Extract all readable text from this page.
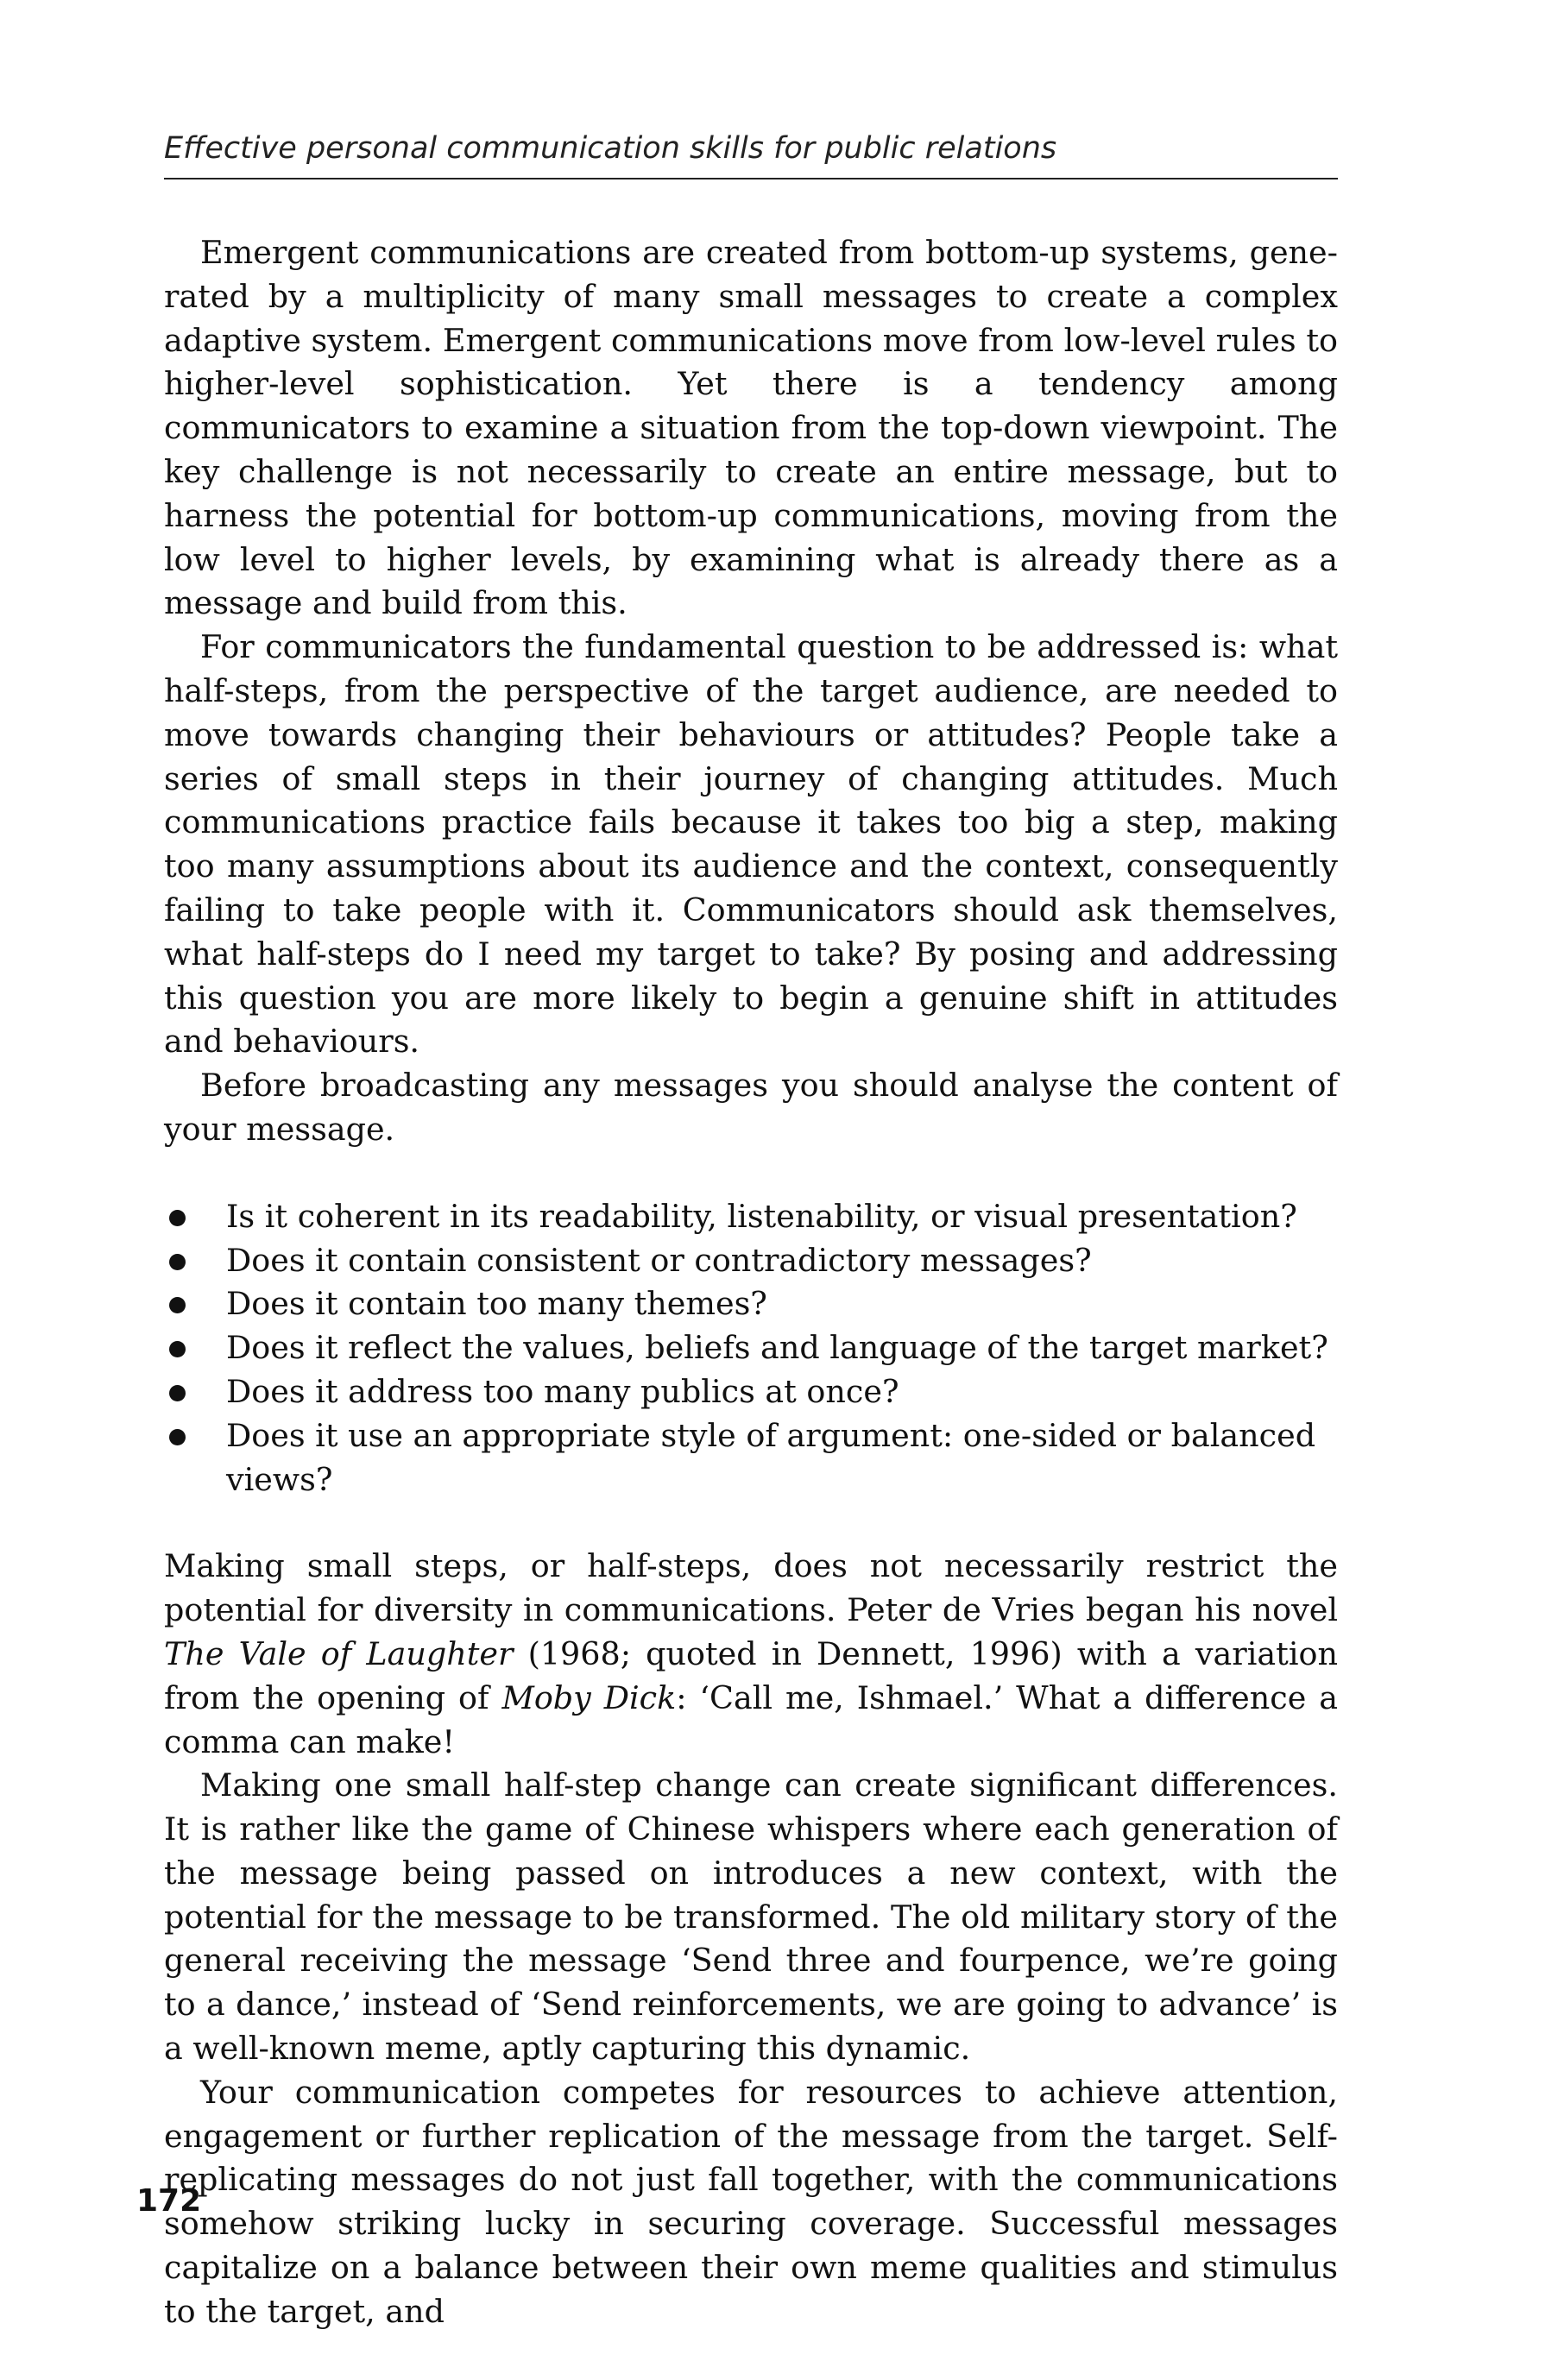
Effective personal communication skills for public relations

Emergent communications are created from bottom-up systems, generated by a multiplicity of many small messages to create a complex adaptive system. Emergent communications move from low-level rules to higher-level sophistication. Yet there is a tendency among communicators to examine a situation from the top-down viewpoint. The key challenge is not necessarily to create an entire message, but to harness the potential for bottom-up communications, moving from the low level to higher levels, by examining what is already there as a message and build from this.

For communicators the fundamental question to be addressed is: what half-steps, from the perspective of the target audience, are needed to move towards changing their behaviours or attitudes? People take a series of small steps in their journey of changing attitudes. Much communications practice fails because it takes too big a step, making too many assumptions about its audience and the context, consequently failing to take people with it. Communicators should ask themselves, what half-steps do I need my target to take? By posing and addressing this question you are more likely to begin a genuine shift in attitudes and behaviours.

Before broadcasting any messages you should analyse the content of your message.

Is it coherent in its readability, listenability, or visual presentation?
Does it contain consistent or contradictory messages?
Does it contain too many themes?
Does it reflect the values, beliefs and language of the target market?
Does it address too many publics at once?
Does it use an appropriate style of argument: one-sided or balanced views?

Making small steps, or half-steps, does not necessarily restrict the potential for diversity in communications. Peter de Vries began his novel The Vale of Laughter (1968; quoted in Dennett, 1996) with a variation from the opening of Moby Dick: ‘Call me, Ishmael.’ What a difference a comma can make!

Making one small half-step change can create significant differences. It is rather like the game of Chinese whispers where each generation of the message being passed on introduces a new context, with the potential for the message to be transformed. The old military story of the general receiving the message ‘Send three and fourpence, we’re going to a dance,’ instead of ‘Send reinforcements, we are going to advance’ is a well-known meme, aptly capturing this dynamic.

Your communication competes for resources to achieve attention, engagement or further replication of the message from the target. Self-replicating messages do not just fall together, with the communications somehow striking lucky in securing coverage. Successful messages capitalize on a balance between their own meme qualities and stimulus to the target, and

172
